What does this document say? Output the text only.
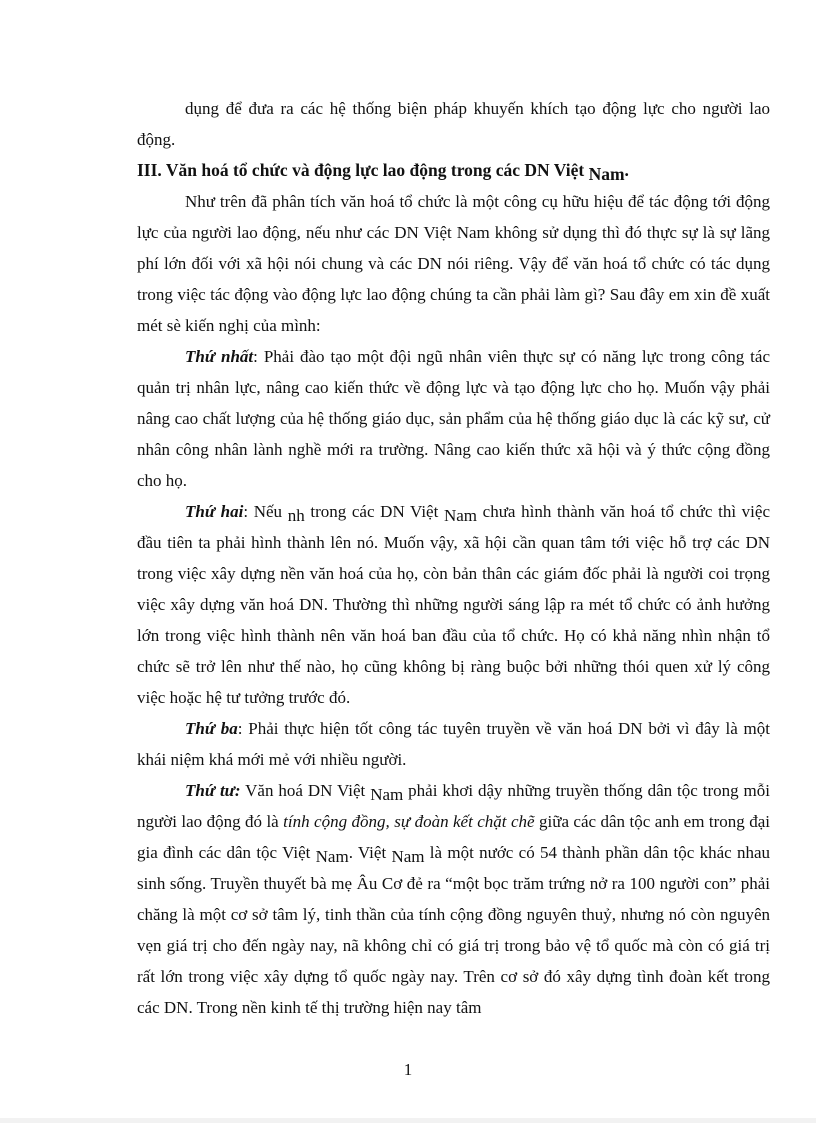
dụng để đưa ra các hệ thống biện pháp khuyến khích tạo động lực cho người lao động.

III. Văn hoá tổ chức và động lực lao động trong các DN Việt Nam.

Như trên đã phân tích văn hoá tổ chức là một công cụ hữu hiệu để tác động tới động lực của người lao động, nếu như các DN Việt Nam không sử dụng thì đó thực sự là sự lãng phí lớn đối với xã hội nói chung và các DN nói riêng. Vậy để văn hoá tổ chức có tác dụng trong việc tác động vào động lực lao động chúng ta cần phải làm gì? Sau đây em xin đề xuất mét sè kiến nghị của mình:

Thứ nhất: Phải đào tạo một đội ngũ nhân viên thực sự có năng lực trong công tác quản trị nhân lực, nâng cao kiến thức về động lực và tạo động lực cho họ. Muốn vậy phải nâng cao chất lượng của hệ thống giáo dục, sản phẩm của hệ thống giáo dục là các kỹ sư, cử nhân công nhân lành nghề mới ra trường. Nâng cao kiến thức xã hội và ý thức cộng đồng cho họ.

Thứ hai: Nếu nh trong các DN Việt Nam chưa hình thành văn hoá tổ chức thì việc đầu tiên ta phải hình thành lên nó. Muốn vậy, xã hội cần quan tâm tới việc hỗ trợ các DN trong việc xây dựng nền văn hoá của họ, còn bản thân các giám đốc phải là người coi trọng việc xây dựng văn hoá DN. Thường thì những người sáng lập ra mét tổ chức có ảnh hưởng lớn trong việc hình thành nên văn hoá ban đầu của tổ chức. Họ có khả năng nhìn nhận tổ chức sẽ trở lên như thế nào, họ cũng không bị ràng buộc bởi những thói quen xử lý công việc hoặc hệ tư tưởng trước đó.

Thứ ba: Phải thực hiện tốt công tác tuyên truyền về văn hoá DN bởi vì đây là một khái niệm khá mới mẻ với nhiều người.

Thứ tư: Văn hoá DN Việt Nam phải khơi dậy những truyền thống dân tộc trong mỗi người lao động đó là tính cộng đồng, sự đoàn kết chặt chẽ giữa các dân tộc anh em trong đại gia đình các dân tộc Việt Nam. Việt Nam là một nước có 54 thành phần dân tộc khác nhau sinh sống. Truyền thuyết bà mẹ Âu Cơ đẻ ra “một bọc trăm trứng nở ra 100 người con” phải chăng là một cơ sở tâm lý, tinh thần của tính cộng đồng nguyên thuỷ, nhưng nó còn nguyên vẹn giá trị cho đến ngày nay, nã không chỉ có giá trị trong bảo vệ tổ quốc mà còn có giá trị rất lớn trong việc xây dựng tổ quốc ngày nay. Trên cơ sở đó xây dựng tình đoàn kết trong các DN. Trong nền kinh tế thị trường hiện nay tâm

1
